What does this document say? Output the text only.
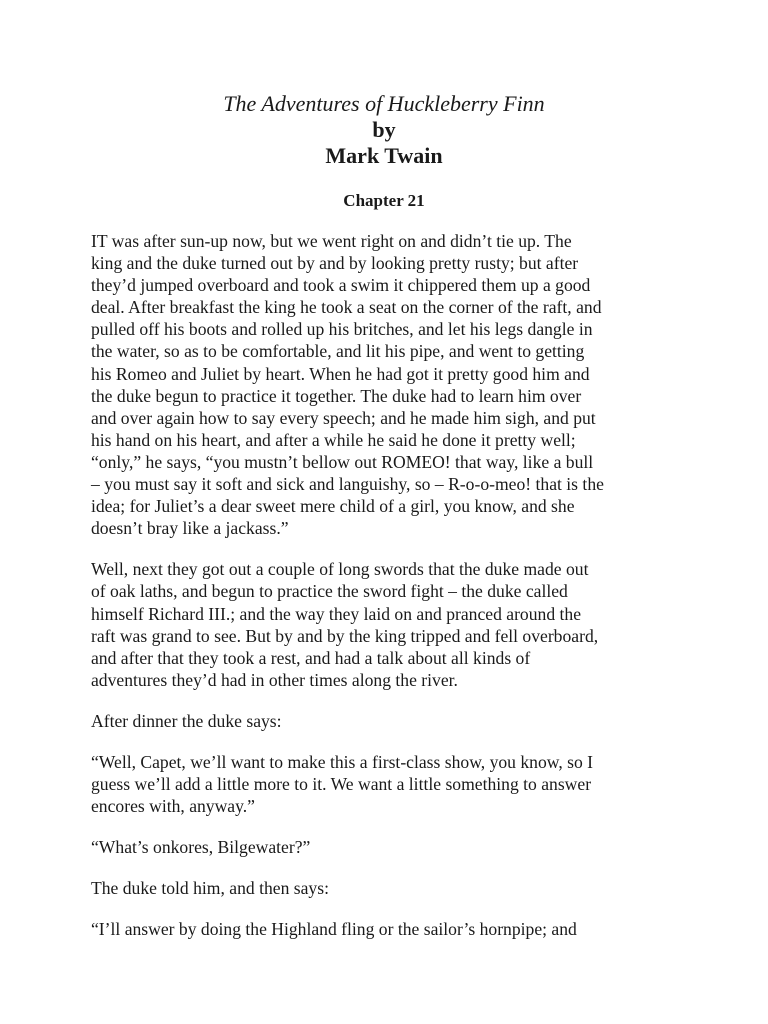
The Adventures of Huckleberry Finn
by
Mark Twain
Chapter 21

IT was after sun-up now, but we went right on and didn’t tie up. The
king and the duke turned out by and by looking pretty rusty; but after
they’d jumped overboard and took a swim it chippered them up a good
deal. After breakfast the king he took a seat on the corner of the raft, and
pulled off his boots and rolled up his britches, and let his legs dangle in
the water, so as to be comfortable, and lit his pipe, and went to getting
his Romeo and Juliet by heart. When he had got it pretty good him and
the duke begun to practice it together. The duke had to learn him over
and over again how to say every speech; and he made him sigh, and put
his hand on his heart, and after a while he said he done it pretty well;
“only,” he says, “you mustn’t bellow out ROMEO! that way, like a bull
– you must say it soft and sick and languishy, so – R-o-o-meo! that is the
idea; for Juliet’s a dear sweet mere child of a girl, you know, and she
doesn’t bray like a jackass.”

Well, next they got out a couple of long swords that the duke made out
of oak laths, and begun to practice the sword fight – the duke called
himself Richard III.; and the way they laid on and pranced around the
raft was grand to see. But by and by the king tripped and fell overboard,
and after that they took a rest, and had a talk about all kinds of
adventures they’d had in other times along the river.

After dinner the duke says:

“Well, Capet, we’ll want to make this a first-class show, you know, so I
guess we’ll add a little more to it. We want a little something to answer
encores with, anyway.”

“What’s onkores, Bilgewater?”

The duke told him, and then says:

“I’ll answer by doing the Highland fling or the sailor’s hornpipe; and
